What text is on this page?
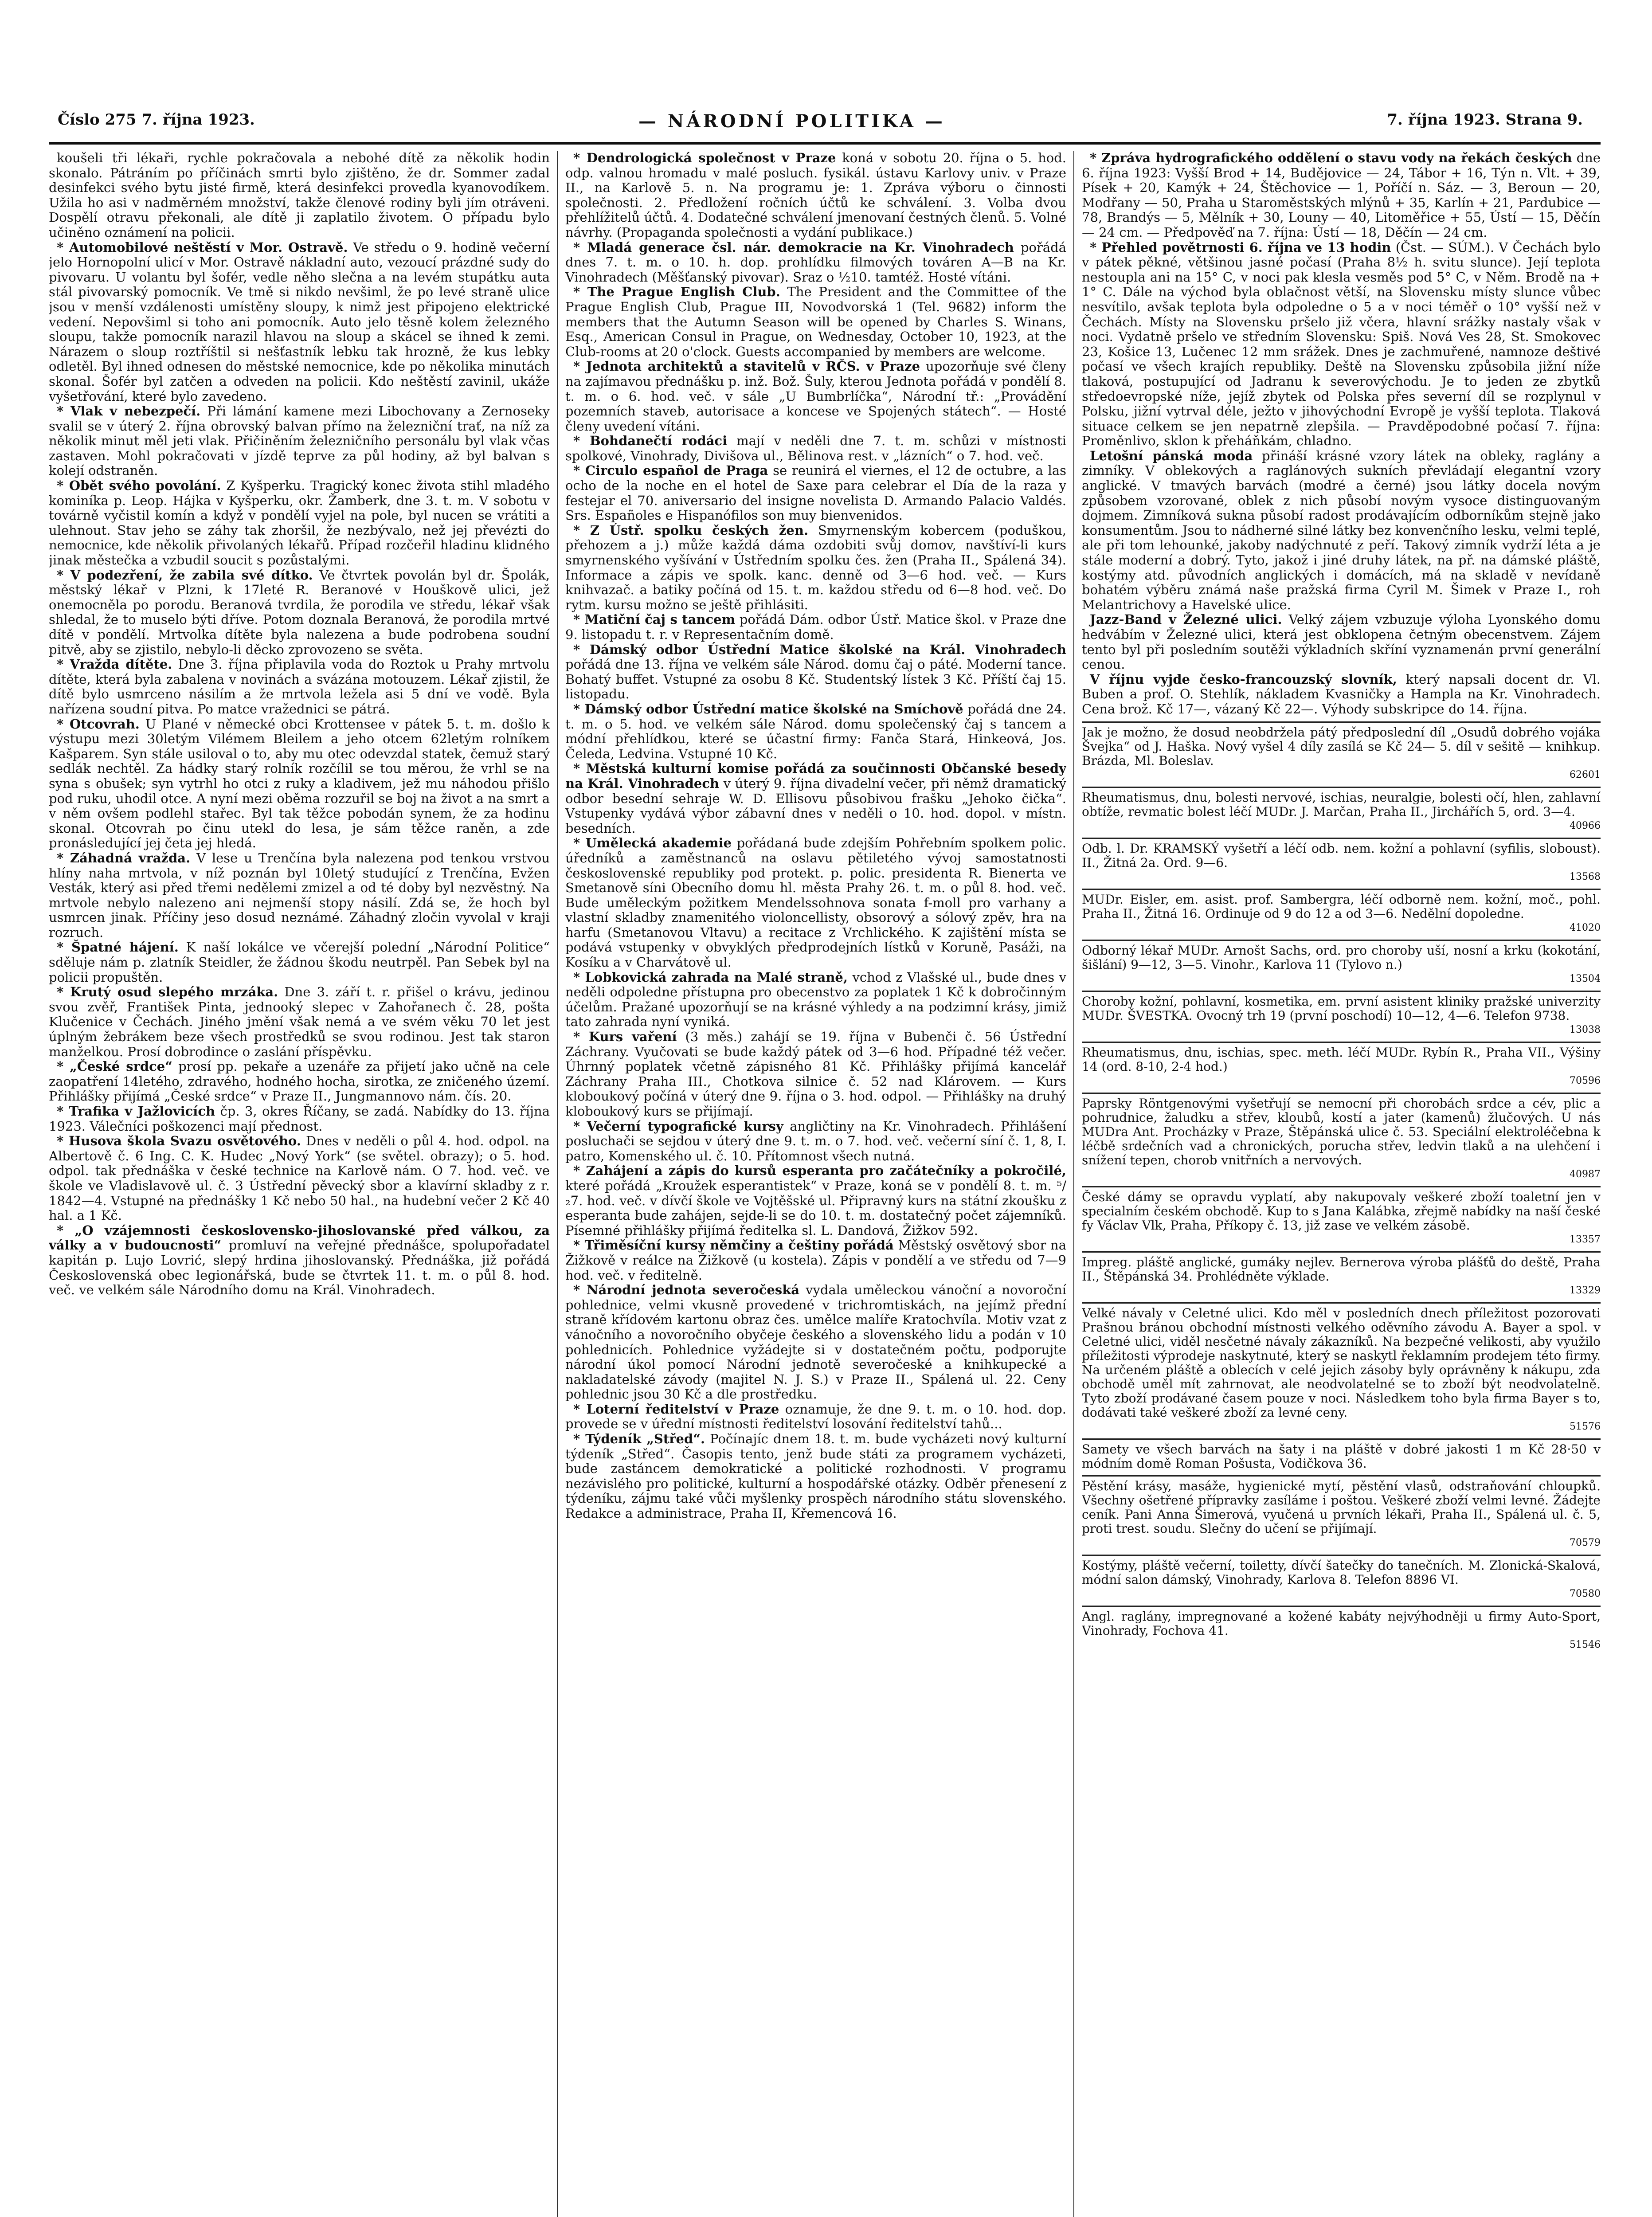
Číslo 275 7. října 1923.	— NÁRODNÍ POLITIKA —	7. října 1923. Strana 9.

koušeli tři lékaři, rychle pokračovala a nebohé dítě za několik hodin skonalo. Pátráním po příčinách smrti bylo zjištěno, že dr. Sommer zadal desinfekci svého bytu jisté firmě, která desinfekci provedla kyanovodíkem. Užila ho asi v nadměrném množství, takže členové rodiny byli jím otráveni. Dospělí otravu překonali, ale dítě ji zaplatilo životem. O případu bylo učiněno oznámení na policii.

* Automobilové neštěstí v Mor. Ostravě. Ve středu o 9. hodině večerní jelo Hornopolní ulicí v Mor. Ostravě nákladní auto, vezoucí prázdné sudy do pivovaru. U volantu byl šofér, vedle něho slečna a na levém stupátku auta stál pivovarský pomocník. Ve tmě si nikdo nevšiml, že po levé straně ulice jsou v menší vzdálenosti umístěny sloupy, k nimž jest připojeno elektrické vedení. Nepovšiml si toho ani pomocník. Auto jelo těsně kolem železného sloupu, takže pomocník narazil hlavou na sloup a skácel se ihned k zemi. Nárazem o sloup roztříštil si nešťastník lebku tak hrozně, že kus lebky odletěl. Byl ihned odnesen do městské nemocnice, kde po několika minutách skonal. Šofér byl zatčen a odveden na policii. Kdo neštěstí zavinil, ukáže vyšetřování, které bylo zavedeno.

* Vlak v nebezpečí. Při lámání kamene mezi Libochovany a Zernoseky svalil se v úterý 2. října obrovský balvan přímo na železniční trať, na níž za několik minut měl jeti vlak. Přičiněním železničního personálu byl vlak včas zastaven. Mohl pokračovati v jízdě teprve za půl hodiny, až byl balvan s kolejí odstraněn.

* Obět svého povolání. Z Kyšperku. Tragický konec života stihl mladého kominíka p. Leop. Hájka v Kyšperku, okr. Žamberk, dne 3. t. m. V sobotu v továrně vyčistil komín a když v pondělí vyjel na pole, byl nucen se vrátiti a ulehnout. Stav jeho se záhy tak zhoršil, že nezbývalo, než jej převézti do nemocnice, kde několik přivolaných lékařů. Případ rozčeřil hladinu klidného jinak městečka a vzbudil soucit s pozůstalými.

* V podezření, že zabila své dítko. Ve čtvrtek povolán byl dr. Špolák, městský lékař v Plzni, k 17leté R. Beranové v Houškově ulici, jež onemocněla po porodu. Beranová tvrdila, že porodila ve středu, lékař však shledal, že to muselo býti dříve. Potom doznala Beranová, že porodila mrtvé dítě v pondělí. Mrtvolka dítěte byla nalezena a bude podrobena soudní pitvě, aby se zjistilo, nebylo-li děcko zprovozeno se světa.

* Vražda dítěte. Dne 3. října připlavila voda do Roztok u Prahy mrtvolu dítěte, která byla zabalena v novinách a svázána motouzem. Lékař zjistil, že dítě bylo usmrceno násilím a že mrtvola ležela asi 5 dní ve vodě. Byla nařízena soudní pitva. Po matce vražednici se pátrá.

* Otcovrah. U Plané v německé obci Krottensee v pátek 5. t. m. došlo k výstupu mezi 30letým Vilémem Bleilem a jeho otcem 62letým rolníkem Kašparem. Syn stále usiloval o to, aby mu otec odevzdal statek, čemuž starý sedlák nechtěl. Za hádky starý rolník rozčílil se tou měrou, že vrhl se na syna s obušek; syn vytrhl ho otci z ruky a kladivem, jež mu náhodou přišlo pod ruku, uhodil otce. A nyní mezi oběma rozzuřil se boj na život a na smrt a v něm ovšem podlehl stařec. Byl tak těžce pobodán synem, že za hodinu skonal. Otcovrah po činu utekl do lesa, je sám těžce raněn, a zde pronásledující jej četa jej hledá.

* Záhadná vražda. V lese u Trenčína byla nalezena pod tenkou vrstvou hlíny naha mrtvola, v níž poznán byl 10letý studující z Trenčína, Evžen Vesták, který asi před třemi nedělemi zmizel a od té doby byl nezvěstný. Na mrtvole nebylo nalezeno ani nejmenší stopy násilí. Zdá se, že hoch byl usmrcen jinak. Příčiny jeso dosud neznámé. Záhadný zločin vyvolal v kraji rozruch.

* Špatné hájení. K naší lokálce ve včerejší polední „Národní Politice“ sděluje nám p. zlatník Steidler, že žádnou škodu neutrpěl. Pan Sebek byl na policii propuštěn.

* Krutý osud slepého mrzáka. Dne 3. září t. r. přišel o krávu, jedinou svou zvěř, František Pinta, jednooký slepec v Zahořanech č. 28, pošta Klučenice v Čechách. Jiného jmění však nemá a ve svém věku 70 let jest úplným žebrákem beze všech prostředků se svou rodinou. Jest tak staron manželkou. Prosí dobrodince o zaslání příspěvku.

* „České srdce“ prosí pp. pekaře a uzenáře za přijetí jako učně na cele zaopatření 14letého, zdravého, hodného hocha, sirotka, ze zničeného území. Přihlášky přijímá „České srdce“ v Praze II., Jungmannovo nám. čís. 20.

* Trafika v Jažlovicích čp. 3, okres Říčany, se zadá. Nabídky do 13. října 1923. Válečníci poškozenci mají přednost.

* Husova škola Svazu osvětového. Dnes v neděli o půl 4. hod. odpol. na Albertově č. 6 Ing. C. K. Hudec „Nový York“ (se světel. obrazy); o 5. hod. odpol. tak přednáška v české technice na Karlově nám. O 7. hod. več. ve škole ve Vladislavově ul. č. 3 Ústřední pěvecký sbor a klavírní skladby z r. 1842—4. Vstupné na přednášky 1 Kč nebo 50 hal., na hudební večer 2 Kč 40 hal. a 1 Kč.

* „O vzájemnosti československo-jihoslovanské před válkou, za války a v budoucnosti“ promluví na veřejné přednášce, spolupořadatel kapitán p. Lujo Lovrić, slepý hrdina jihoslovanský. Přednáška, již pořádá Československá obec legionářská, bude se čtvrtek 11. t. m. o půl 8. hod. več. ve velkém sále Národního domu na Král. Vinohradech.

* Dendrologická společnost v Praze koná v sobotu 20. října o 5. hod. odp. valnou hromadu v malé posluch. fysikál. ústavu Karlovy univ. v Praze II., na Karlově 5. n. Na programu je: 1. Zpráva výboru o činnosti společnosti. 2. Předložení ročních účtů ke schválení. 3. Volba dvou přehlížitelů účtů. 4. Dodatečné schválení jmenovaní čestných členů. 5. Volné návrhy. (Propaganda společnosti a vydání publikace.)

* Mladá generace čsl. nár. demokracie na Kr. Vinohradech pořádá dnes 7. t. m. o 10. h. dop. prohlídku filmových továren A—B na Kr. Vinohradech (Měšťanský pivovar). Sraz o ½10. tamtéž. Hosté vítáni.

* The Prague English Club. The President and the Committee of the Prague English Club, Prague III, Novodvorská 1 (Tel. 9682) inform the members that the Autumn Season will be opened by Charles S. Winans, Esq., American Consul in Prague, on Wednesday, October 10, 1923, at the Club-rooms at 20 o'clock. Guests accompanied by members are welcome.

* Jednota architektů a stavitelů v RČS. v Praze upozorňuje své členy na zajímavou přednášku p. inž. Bož. Šuly, kterou Jednota pořádá v pondělí 8. t. m. o 6. hod. več. v sále „U Bumbrlíčka“, Národní tř.: „Provádění pozemních staveb, autorisace a koncese ve Spojených státech“. — Hosté členy uvedení vítáni.

* Bohdanečtí rodáci mají v neděli dne 7. t. m. schůzi v místnosti spolkové, Vinohrady, Divišova ul., Bělinova rest. v „lázních“ o 7. hod. več.

* Circulo español de Praga se reunirá el viernes, el 12 de octubre, a las ocho de la noche en el hotel de Saxe para celebrar el Día de la raza y festejar el 70. aniversario del insigne novelista D. Armando Palacio Valdés. Srs. Españoles e Hispanófilos son muy bienvenidos.

* Z Ústř. spolku českých žen. Smyrnenským kobercem (poduškou, přehozem a j.) může každá dáma ozdobiti svůj domov, navštíví-li kurs smyrnenského vyšívání v Ústředním spolku čes. žen (Praha II., Spálená 34). Informace a zápis ve spolk. kanc. denně od 3—6 hod. več. — Kurs knihvazač. a batiky počíná od 15. t. m. každou středu od 6—8 hod. več. Do rytm. kursu možno se ještě přihlásiti.

* Matiční čaj s tancem pořádá Dám. odbor Ústř. Matice škol. v Praze dne 9. listopadu t. r. v Representačním domě.

* Dámský odbor Ústřední Matice školské na Král. Vinohradech pořádá dne 13. října ve velkém sále Národ. domu čaj o páté. Moderní tance. Bohatý buffet. Vstupné za osobu 8 Kč. Studentský lístek 3 Kč. Příští čaj 15. listopadu.

* Dámský odbor Ústřední matice školské na Smíchově pořádá dne 24. t. m. o 5. hod. ve velkém sále Národ. domu společenský čaj s tancem a módní přehlídkou, které se účastní firmy: Fanča Stará, Hinkeová, Jos. Čeleda, Ledvina. Vstupné 10 Kč.

* Městská kulturní komise pořádá za součinnosti Občanské besedy na Král. Vinohradech v úterý 9. října divadelní večer, při němž dramatický odbor besední sehraje W. D. Ellisovu působivou frašku „Jehoko čička“. Vstupenky vydává výbor zábavní dnes v neděli o 10. hod. dopol. v místn. besedních.

* Umělecká akademie pořádaná bude zdejším Pohřebním spolkem polic. úředníků a zaměstnanců na oslavu pětiletého vývoj samostatnosti československé republiky pod protekt. p. polic. presidenta R. Bienerta ve Smetanově síni Obecního domu hl. města Prahy 26. t. m. o půl 8. hod. več. Bude uměleckým požitkem Mendelssohnova sonata f-moll pro varhany a vlastní skladby znamenitého violoncellisty, obsorový a sólový zpěv, hra na harfu (Smetanovou Vltavu) a recitace z Vrchlického. K zajištění místa se podává vstupenky v obvyklých předprodejních lístků v Koruně, Pasáži, na Kosíku a v Charvátově ul.

* Lobkovická zahrada na Malé straně, vchod z Vlašské ul., bude dnes v neděli odpoledne přístupna pro obecenstvo za poplatek 1 Kč k dobročinným účelům. Pražané upozorňují se na krásné výhledy a na podzimní krásy, jimiž tato zahrada nyní vyniká.

* Kurs vaření (3 měs.) zahájí se 19. října v Bubenči č. 56 Ústřední Záchrany. Vyučovati se bude každý pátek od 3—6 hod. Případné též večer. Úhrnný poplatek včetně zápisného 81 Kč. Přihlášky přijímá kancelář Záchrany Praha III., Chotkova silnice č. 52 nad Klárovem. — Kurs kloboukový počíná v úterý dne 9. října o 3. hod. odpol. — Přihlášky na druhý kloboukový kurs se přijímají.

* Večerní typografické kursy angličtiny na Kr. Vinohradech. Přihlášení posluchači se sejdou v úterý dne 9. t. m. o 7. hod. več. večerní síní č. 1, 8, I. patro, Komenského ul. č. 10. Přítomnost všech nutná.

* Zahájení a zápis do kursů esperanta pro začátečníky a pokročilé, které pořádá „Kroužek esperantistek“ v Praze, koná se v pondělí 8. t. m. ⁵/₂7. hod. več. v dívčí škole ve Vojtěšské ul. Připravný kurs na státní zkoušku z esperanta bude zahájen, sejde-li se do 10. t. m. dostatečný počet zájemníků. Písemné přihlášky přijímá ředitelka sl. L. Dandová, Žižkov 592.

* Třiměsíční kursy němčiny a češtiny pořádá Městský osvětový sbor na Žižkově v reálce na Žižkově (u kostela). Zápis v pondělí a ve středu od 7—9 hod. več. v ředitelně.

* Národní jednota severočeská vydala uměleckou vánoční a novoroční pohlednice, velmi vkusně provedené v trichromtiskách, na jejímž přední straně křídovém kartonu obraz čes. umělce malíře Kratochvíla. Motiv vzat z vánočního a novoročního obyčeje českého a slovenského lidu a podán v 10 pohlednicích. Pohlednice vyžádejte si v dostatečném počtu, podporujte národní úkol pomocí Národní jednotě severočeské a knihkupecké a nakladatelské závody (majitel N. J. S.) v Praze II., Spálená ul. 22. Ceny pohlednic jsou 30 Kč a dle prostředku.

* Loterní ředitelství v Praze oznamuje, že dne 9. t. m. o 10. hod. dop. provede se v úřední místnosti ředitelství losování ředitelství tahů...

* Týdeník „Střed“. Počínajíc dnem 18. t. m. bude vycházeti nový kulturní týdeník „Střed“. Časopis tento, jenž bude státi za programem vycházeti, bude zastáncem demokratické a politické rozhodnosti. V programu nezávislého pro politické, kulturní a hospodářské otázky. Odběr přenesení z týdeníku, zájmu také vůči myšlenky prospěch národního státu slovenského. Redakce a administrace, Praha II, Křemencová 16.

* Zpráva hydrografického oddělení o stavu vody na řekách českých dne 6. října 1923: Vyšší Brod + 14, Budějovice — 24, Tábor + 16, Týn n. Vlt. + 39, Písek + 20, Kamýk + 24, Štěchovice — 1, Poříčí n. Sáz. — 3, Beroun — 20, Modřany — 50, Praha u Staroměstských mlýnů + 35, Karlín + 21, Pardubice — 78, Brandýs — 5, Mělník + 30, Louny — 40, Litoměřice + 55, Ústí — 15, Děčín — 24 cm. — Předpověď na 7. října: Ústí — 18, Děčín — 24 cm.

* Přehled povětrnosti 6. října ve 13 hodin (Čst. — SÚM.). V Čechách bylo v pátek pěkné, většinou jasné počasí (Praha 8½ h. svitu slunce). Její teplota nestoupla ani na 15° C, v noci pak klesla vesměs pod 5° C, v Něm. Brodě na + 1° C. Dále na východ byla oblačnost větší, na Slovensku místy slunce vůbec nesvítilo, avšak teplota byla odpoledne o 5 a v noci téměř o 10° vyšší než v Čechách. Místy na Slovensku pršelo již včera, hlavní srážky nastaly však v noci. Vydatně pršelo ve středním Slovensku: Spiš. Nová Ves 28, St. Smokovec 23, Košice 13, Lučenec 12 mm srážek. Dnes je zachmuřené, namnoze deštivé počasí ve všech krajích republiky. Deště na Slovensku způsobila jižní níže tlaková, postupující od Jadranu k severovýchodu. Je to jeden ze zbytků středoevropské níže, jejíž zbytek od Polska přes severní díl se rozplynul v Polsku, jižní vytrval déle, ježto v jihovýchodní Evropě je vyšší teplota. Tlaková situace celkem se jen nepatrně zlepšila. — Pravděpodobné počasí 7. října: Proměnlivo, sklon k přeháňkám, chladno.

Letošní pánská moda přináší krásné vzory látek na obleky, raglány a zimníky. V oblekových a raglánových sukních převládají elegantní vzory anglické. V tmavých barvách (modré a černé) jsou látky docela novým způsobem vzorované, oblek z nich působí novým vysoce distinguovaným dojmem. Zimníková sukna působí radost prodávajícím odborníkům stejně jako konsumentům. Jsou to nádherné silné látky bez konvenčního lesku, velmi teplé, ale při tom lehounké, jakoby nadýchnuté z peří. Takový zimník vydrží léta a je stále moderní a dobrý. Tyto, jakož i jiné druhy látek, na př. na dámské pláště, kostýmy atd. původních anglických i domácích, má na skladě v nevídaně bohatém výběru známá naše pražská firma Cyril M. Šimek v Praze I., roh Melantrichovy a Havelské ulice.

Jazz-Band v Železné ulici. Velký zájem vzbuzuje výloha Lyonského domu hedvábím v Železné ulici, která jest obklopena četným obecenstvem. Zájem tento byl při posledním soutěži výkladních skříní vyznamenán první generální cenou.

V říjnu vyjde česko-francouzský slovník, který napsali docent dr. Vl. Buben a prof. O. Stehlík, nákladem Kvasničky a Hampla na Kr. Vinohradech. Cena brož. Kč 17—, vázaný Kč 22—. Výhody subskripce do 14. října.

Jak je možno, že dosud neobdržela pátý předposlední díl „Osudů dobrého vojáka Švejka“ od J. Haška. Nový vyšel 4 díly zasílá se Kč 24— 5. díl v sešitě — knihkup. Brázda, Ml. Boleslav.
62601
Rheumatismus, dnu, bolesti nervové, ischias, neuralgie, bolesti očí, hlen, zahlavní obtíže, revmatic bolest léčí MUDr. J. Marčan, Praha II., Jirchářích 5, ord. 3—4.
40966
Odb. l. Dr. KRAMSKÝ vyšetří a léčí odb. nem. kožní a pohlavní (syfilis, sloboust). II., Žitná 2a. Ord. 9—6.
13568
MUDr. Eisler, em. asist. prof. Sambergra, léčí odborně nem. kožní, moč., pohl. Praha II., Žitná 16. Ordinuje od 9 do 12 a od 3—6. Nedělní dopoledne.
41020
Odborný lékař MUDr. Arnošt Sachs, ord. pro choroby uší, nosní a krku (kokotání, šišlání) 9—12, 3—5. Vinohr., Karlova 11 (Tylovo n.)
13504
Choroby kožní, pohlavní, kosmetika, em. první asistent kliniky pražské univerzity MUDr. ŠVESTKA. Ovocný trh 19 (první poschodí) 10—12, 4—6. Telefon 9738.
13038
Rheumatismus, dnu, ischias, spec. meth. léčí MUDr. Rybín R., Praha VII., Výšiny 14 (ord. 8-10, 2-4 hod.)
70596
Paprsky Röntgenovými vyšetřují se nemocní při chorobách srdce a cév, plic a pohrudnice, žaludku a střev, kloubů, kostí a jater (kamenů) žlučových. U nás MUDra Ant. Procházky v Praze, Štěpánská ulice č. 53. Speciální elektroléčebna k léčbě srdečních vad a chronických, porucha střev, ledvin tlaků a na ulehčení i snížení tepen, chorob vnitřních a nervových.
40987
České dámy se opravdu vyplatí, aby nakupovaly veškeré zboží toaletní jen v specialním českém obchodě. Kup to s Jana Kalábka, zřejmě nabídky na naší české fy Václav Vlk, Praha, Příkopy č. 13, již zase ve velkém zásobě.
13357
Impreg. pláště anglické, gumáky nejlev. Bernerova výroba plášťů do deště, Praha II., Štěpánská 34. Prohlédněte výklade.
13329
Velké návaly v Celetné ulici. Kdo měl v posledních dnech příležitost pozorovati Prašnou bránou obchodní místnosti velkého oděvního závodu A. Bayer a spol. v Celetné ulici, viděl nesčetné návaly zákazníků. Na bezpečné velikosti, aby využilo příležitosti výprodeje naskytnuté, který se naskytl řeklamním prodejem této firmy. Na určeném pláště a oblecích v celé jejich zásoby byly oprávněny k nákupu, zda obchodě uměl mít zahrnovat, ale neodvolatelné se to zboží být neodvolatelně. Tyto zboží prodávané časem pouze v noci. Následkem toho byla firma Bayer s to, dodávati také veškeré zboží za levné ceny.
51576
Samety ve všech barvách na šaty i na pláště v dobré jakosti 1 m Kč 28·50 v módním domě Roman Pošusta, Vodičkova 36.
Pěstění krásy, masáže, hygienické mytí, pěstění vlasů, odstraňování chloupků. Všechny ošetřené přípravky zasíláme i poštou. Veškeré zboží velmi levné. Žádejte ceník. Pani Anna Šimerová, vyučená u prvních lékaři, Praha II., Spálená ul. č. 5, proti trest. soudu. Slečny do učení se přijímají.
70579
Kostýmy, pláště večerní, toiletty, dívčí šatečky do tanečních. M. Zlonická-Skalová, módní salon dámský, Vinohrady, Karlova 8. Telefon 8896 VI.
70580
Angl. raglány, impregnované a kožené kabáty nejvýhodněji u firmy Auto-Sport, Vinohrady, Fochova 41.
51546
